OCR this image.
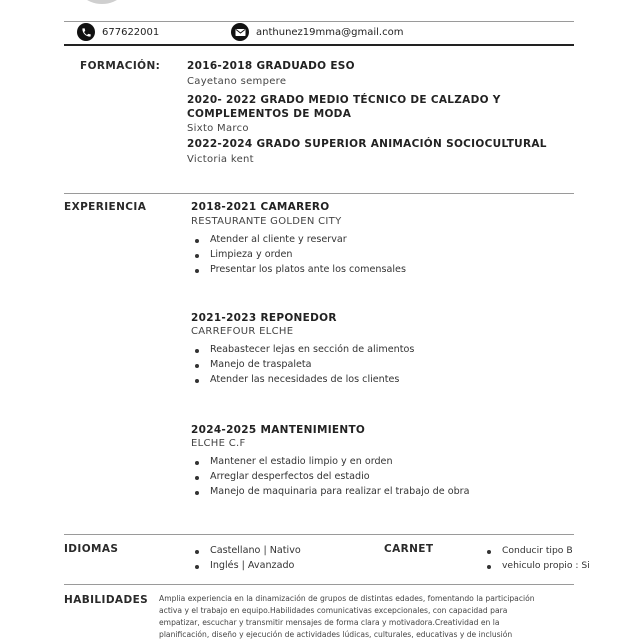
677622001	anthunez19mma@gmail.com
FORMACIÓN:	2016-2018 GRADUADO ESO
Cayetano sempere
2020- 2022 GRADO MEDIO TÉCNICO DE CALZADO Y
COMPLEMENTOS DE MODA
Sixto Marco
2022-2024 GRADO SUPERIOR ANIMACIÓN SOCIOCULTURAL
Victoria kent
EXPERIENCIA	2018-2021 CAMARERO
RESTAURANTE GOLDEN CITY
Atender al cliente y reservar
Limpieza y orden
Presentar los platos ante los comensales
2021-2023 REPONEDOR
CARREFOUR ELCHE
Reabastecer lejas en sección de alimentos
Manejo de traspaleta
Atender las necesidades de los clientes
2024-2025 MANTENIMIENTO
ELCHE C.F
Mantener el estadio limpio y en orden
Arreglar desperfectos del estadio
Manejo de maquinaria para realizar el trabajo de obra
IDIOMAS	Castellano | Nativo
Inglés | Avanzado
CARNET	Conducir tipo B
vehiculo propio : Si
HABILIDADES Amplia experiencia en la dinamización de grupos de distintas edades, fomentando la participación
activa y el trabajo en equipo.Habilidades comunicativas excepcionales, con capacidad para
empatizar, escuchar y transmitir mensajes de forma clara y motivadora.Creatividad en la
planificación, diseño y ejecución de actividades lúdicas, culturales, educativas y de inclusión
